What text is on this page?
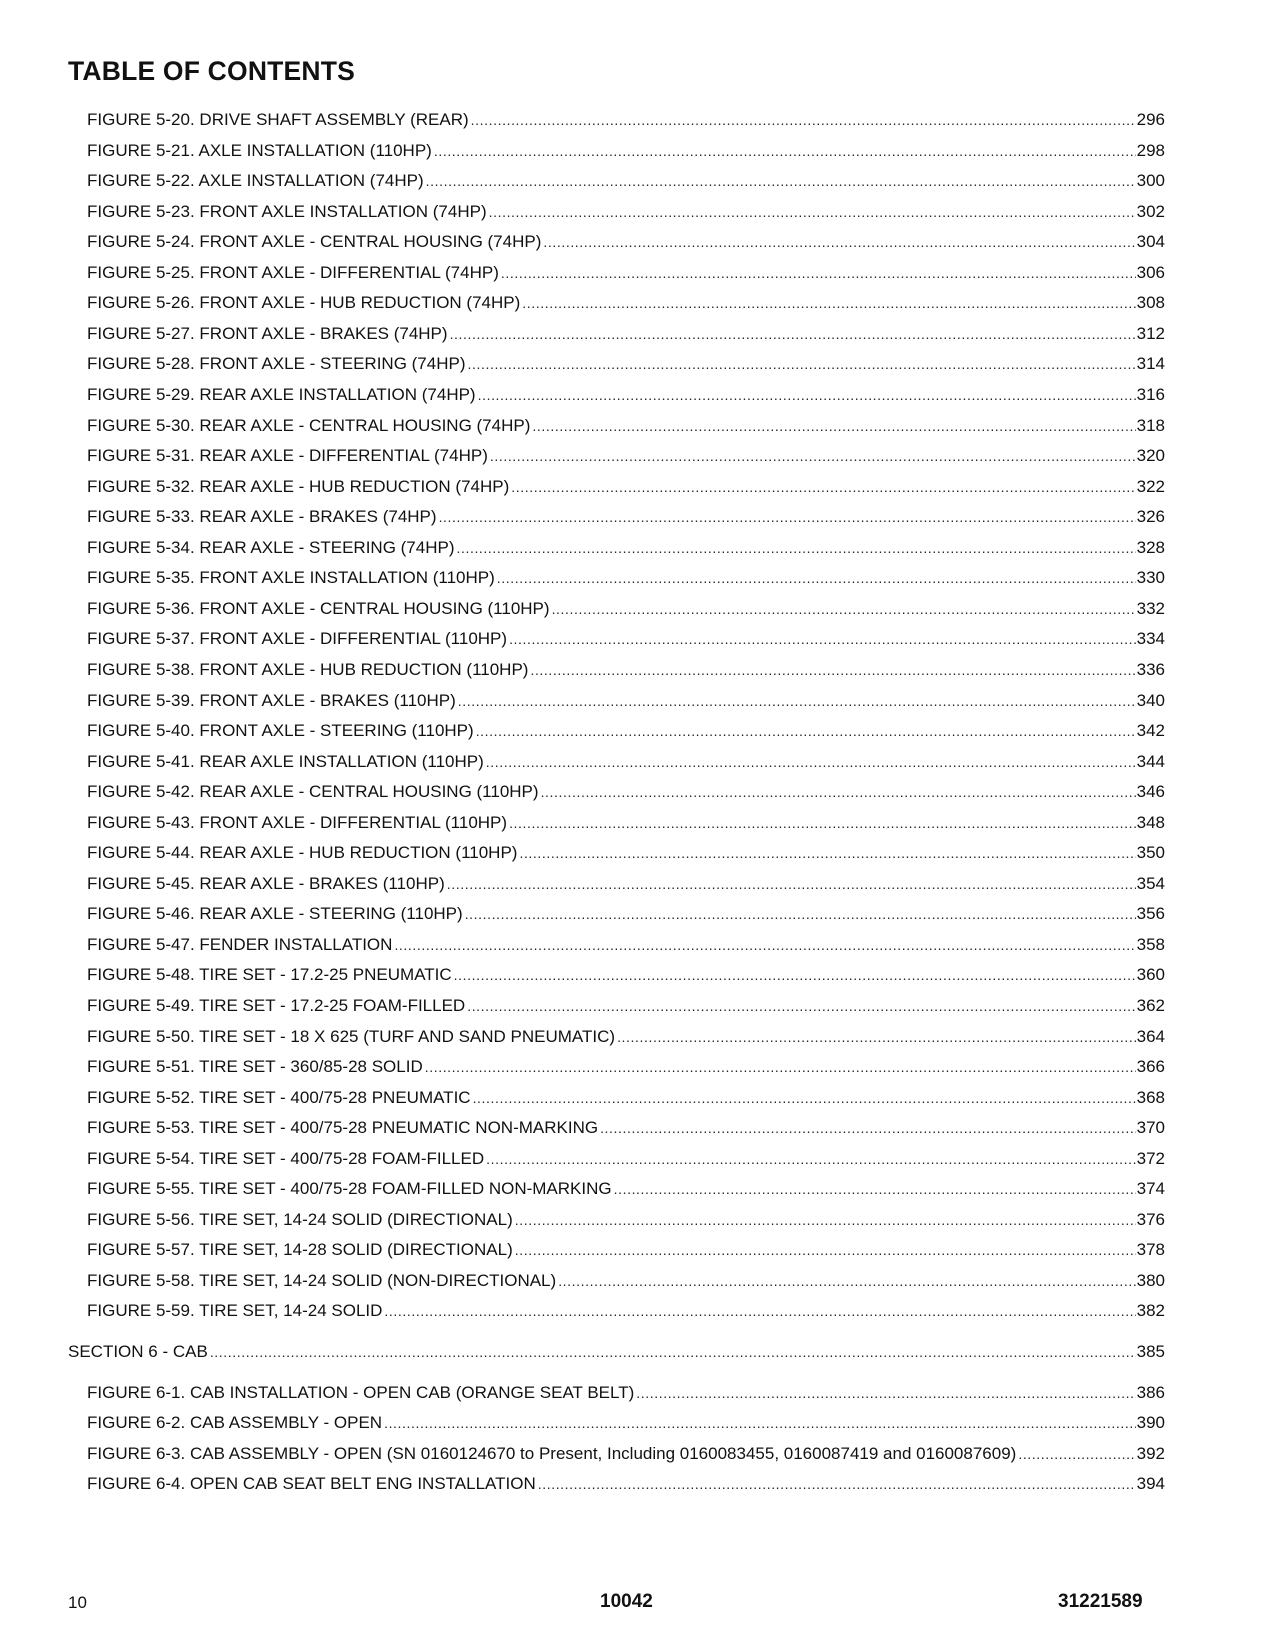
TABLE OF CONTENTS
FIGURE 5-20. DRIVE SHAFT ASSEMBLY (REAR) .....	296
FIGURE 5-21. AXLE INSTALLATION (110HP) .....	298
FIGURE 5-22. AXLE INSTALLATION (74HP) .....	300
FIGURE 5-23. FRONT AXLE INSTALLATION (74HP) .....	302
FIGURE 5-24. FRONT AXLE - CENTRAL HOUSING (74HP) .....	304
FIGURE 5-25. FRONT AXLE - DIFFERENTIAL (74HP) .....	306
FIGURE 5-26. FRONT AXLE - HUB REDUCTION (74HP) .....	308
FIGURE 5-27. FRONT AXLE - BRAKES (74HP) .....	312
FIGURE 5-28. FRONT AXLE - STEERING (74HP) .....	314
FIGURE 5-29. REAR AXLE INSTALLATION (74HP) .....	316
FIGURE 5-30. REAR AXLE - CENTRAL HOUSING (74HP) .....	318
FIGURE 5-31. REAR AXLE - DIFFERENTIAL (74HP) .....	320
FIGURE 5-32. REAR AXLE - HUB REDUCTION (74HP) .....	322
FIGURE 5-33. REAR AXLE - BRAKES (74HP) .....	326
FIGURE 5-34. REAR AXLE - STEERING (74HP) .....	328
FIGURE 5-35. FRONT AXLE INSTALLATION (110HP) .....	330
FIGURE 5-36. FRONT AXLE - CENTRAL HOUSING (110HP) .....	332
FIGURE 5-37. FRONT AXLE - DIFFERENTIAL (110HP) .....	334
FIGURE 5-38. FRONT AXLE - HUB REDUCTION (110HP) .....	336
FIGURE 5-39. FRONT AXLE - BRAKES (110HP) .....	340
FIGURE 5-40. FRONT AXLE - STEERING (110HP) .....	342
FIGURE 5-41. REAR AXLE INSTALLATION (110HP) .....	344
FIGURE 5-42. REAR AXLE - CENTRAL HOUSING (110HP) .....	346
FIGURE 5-43. FRONT AXLE - DIFFERENTIAL (110HP) .....	348
FIGURE 5-44. REAR AXLE - HUB REDUCTION (110HP) .....	350
FIGURE 5-45. REAR AXLE - BRAKES (110HP) .....	354
FIGURE 5-46. REAR AXLE - STEERING (110HP) .....	356
FIGURE 5-47. FENDER INSTALLATION .....	358
FIGURE 5-48. TIRE SET - 17.2-25 PNEUMATIC .....	360
FIGURE 5-49. TIRE SET - 17.2-25 FOAM-FILLED .....	362
FIGURE 5-50. TIRE SET - 18 X 625 (TURF AND SAND PNEUMATIC) .....	364
FIGURE 5-51. TIRE SET - 360/85-28 SOLID .....	366
FIGURE 5-52. TIRE SET - 400/75-28 PNEUMATIC .....	368
FIGURE 5-53. TIRE SET - 400/75-28 PNEUMATIC NON-MARKING .....	370
FIGURE 5-54. TIRE SET - 400/75-28 FOAM-FILLED .....	372
FIGURE 5-55. TIRE SET - 400/75-28 FOAM-FILLED NON-MARKING .....	374
FIGURE 5-56. TIRE SET, 14-24 SOLID (DIRECTIONAL) .....	376
FIGURE 5-57. TIRE SET, 14-28 SOLID (DIRECTIONAL) .....	378
FIGURE 5-58. TIRE SET, 14-24 SOLID (NON-DIRECTIONAL) .....	380
FIGURE 5-59. TIRE SET, 14-24 SOLID .....	382
SECTION 6 - CAB .....	385
FIGURE 6-1. CAB INSTALLATION - OPEN CAB (ORANGE SEAT BELT) .....	386
FIGURE 6-2. CAB ASSEMBLY - OPEN .....	390
FIGURE 6-3. CAB ASSEMBLY - OPEN (SN 0160124670 to Present, Including 0160083455, 0160087419 and 0160087609) .....	392
FIGURE 6-4. OPEN CAB SEAT BELT ENG INSTALLATION .....	394
10	10042	31221589
